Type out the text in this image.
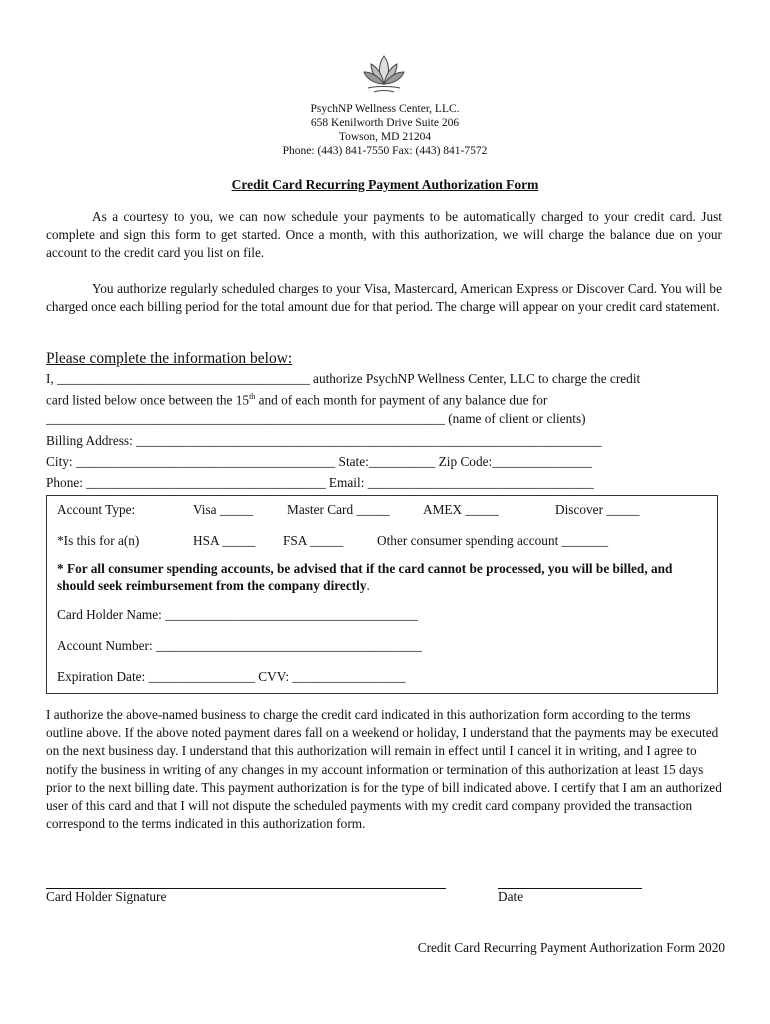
PsychNP Wellness Center, LLC.
658 Kenilworth Drive Suite 206
Towson, MD 21204
Phone: (443) 841-7550 Fax: (443) 841-7572
Credit Card Recurring Payment Authorization Form
As a courtesy to you, we can now schedule your payments to be automatically charged to your credit card. Just complete and sign this form to get started. Once a month, with this authorization, we will charge the balance due on your account to the credit card you list on file.
You authorize regularly scheduled charges to your Visa, Mastercard, American Express or Discover Card. You will be charged once each billing period for the total amount due for that period. The charge will appear on your credit card statement.
Please complete the information below:
I, ______________________________________ authorize PsychNP Wellness Center, LLC to charge the credit
card listed below once between the 15th and of each month for payment of any balance due for
____________________________________________________________ (name of client or clients)
Billing Address: ______________________________________________________________________
City: _______________________________________ State:__________ Zip Code:_______________
Phone: ____________________________________ Email: __________________________________
Account Type:	Visa _____	Master Card _____	AMEX _____	Discover _____
*Is this for a(n)	HSA _____ FSA _____	Other consumer spending account _______
* For all consumer spending accounts, be advised that if the card cannot be processed, you will be billed, and should seek reimbursement from the company directly.
Card Holder Name: ______________________________________
Account Number: ________________________________________
Expiration Date: ________________ CVV: _________________
I authorize the above-named business to charge the credit card indicated in this authorization form according to the terms outline above. If the above noted payment dares fall on a weekend or holiday, I understand that the payments may be executed on the next business day. I understand that this authorization will remain in effect until I cancel it in writing, and I agree to notify the business in writing of any changes in my account information or termination of this authorization at least 15 days prior to the next billing date. This payment authorization is for the type of bill indicated above. I certify that I am an authorized user of this card and that I will not dispute the scheduled payments with my credit card company provided the transaction correspond to the terms indicated in this authorization form.
Card Holder Signature	Date
Credit Card Recurring Payment Authorization Form 2020
